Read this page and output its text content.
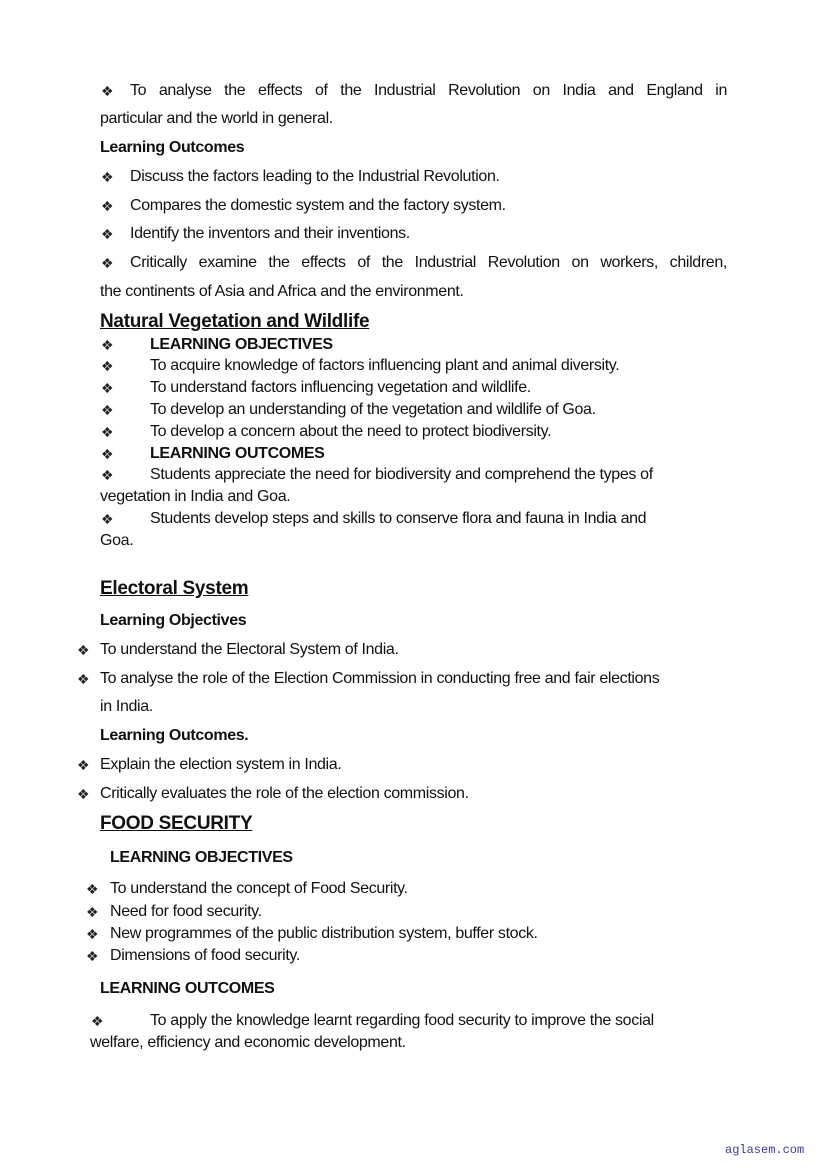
❖ To analyse the effects of the Industrial Revolution on India and England in
particular and the world in general.
Learning Outcomes
❖ Discuss the factors leading to the Industrial Revolution.
❖ Compares the domestic system and the factory system.
❖ Identify the inventors and their inventions.
❖ Critically examine the effects of the Industrial Revolution on workers, children,
the continents of Asia and Africa and the environment.
Natural Vegetation and Wildlife
❖ LEARNING OBJECTIVES
❖ To acquire knowledge of factors influencing plant and animal diversity.
❖ To understand factors influencing vegetation and wildlife.
❖ To develop an understanding of the vegetation and wildlife of Goa.
❖ To develop a concern about the need to protect biodiversity.
❖ LEARNING OUTCOMES
❖ Students appreciate the need for biodiversity and comprehend the types of
vegetation in India and Goa.
❖ Students develop steps and skills to conserve flora and fauna in India and
Goa.
Electoral System
Learning Objectives
❖ To understand the Electoral System of India.
❖ To analyse the role of the Election Commission in conducting free and fair elections
in India.
Learning Outcomes.
❖ Explain the election system in India.
❖ Critically evaluates the role of the election commission.
FOOD SECURITY
LEARNING OBJECTIVES
❖ To understand the concept of Food Security.
❖ Need for food security.
❖ New programmes of the public distribution system, buffer stock.
❖ Dimensions of food security.
LEARNING OUTCOMES
❖	To apply the knowledge learnt regarding food security to improve the social
welfare, efficiency and economic development.
aglasem.com
